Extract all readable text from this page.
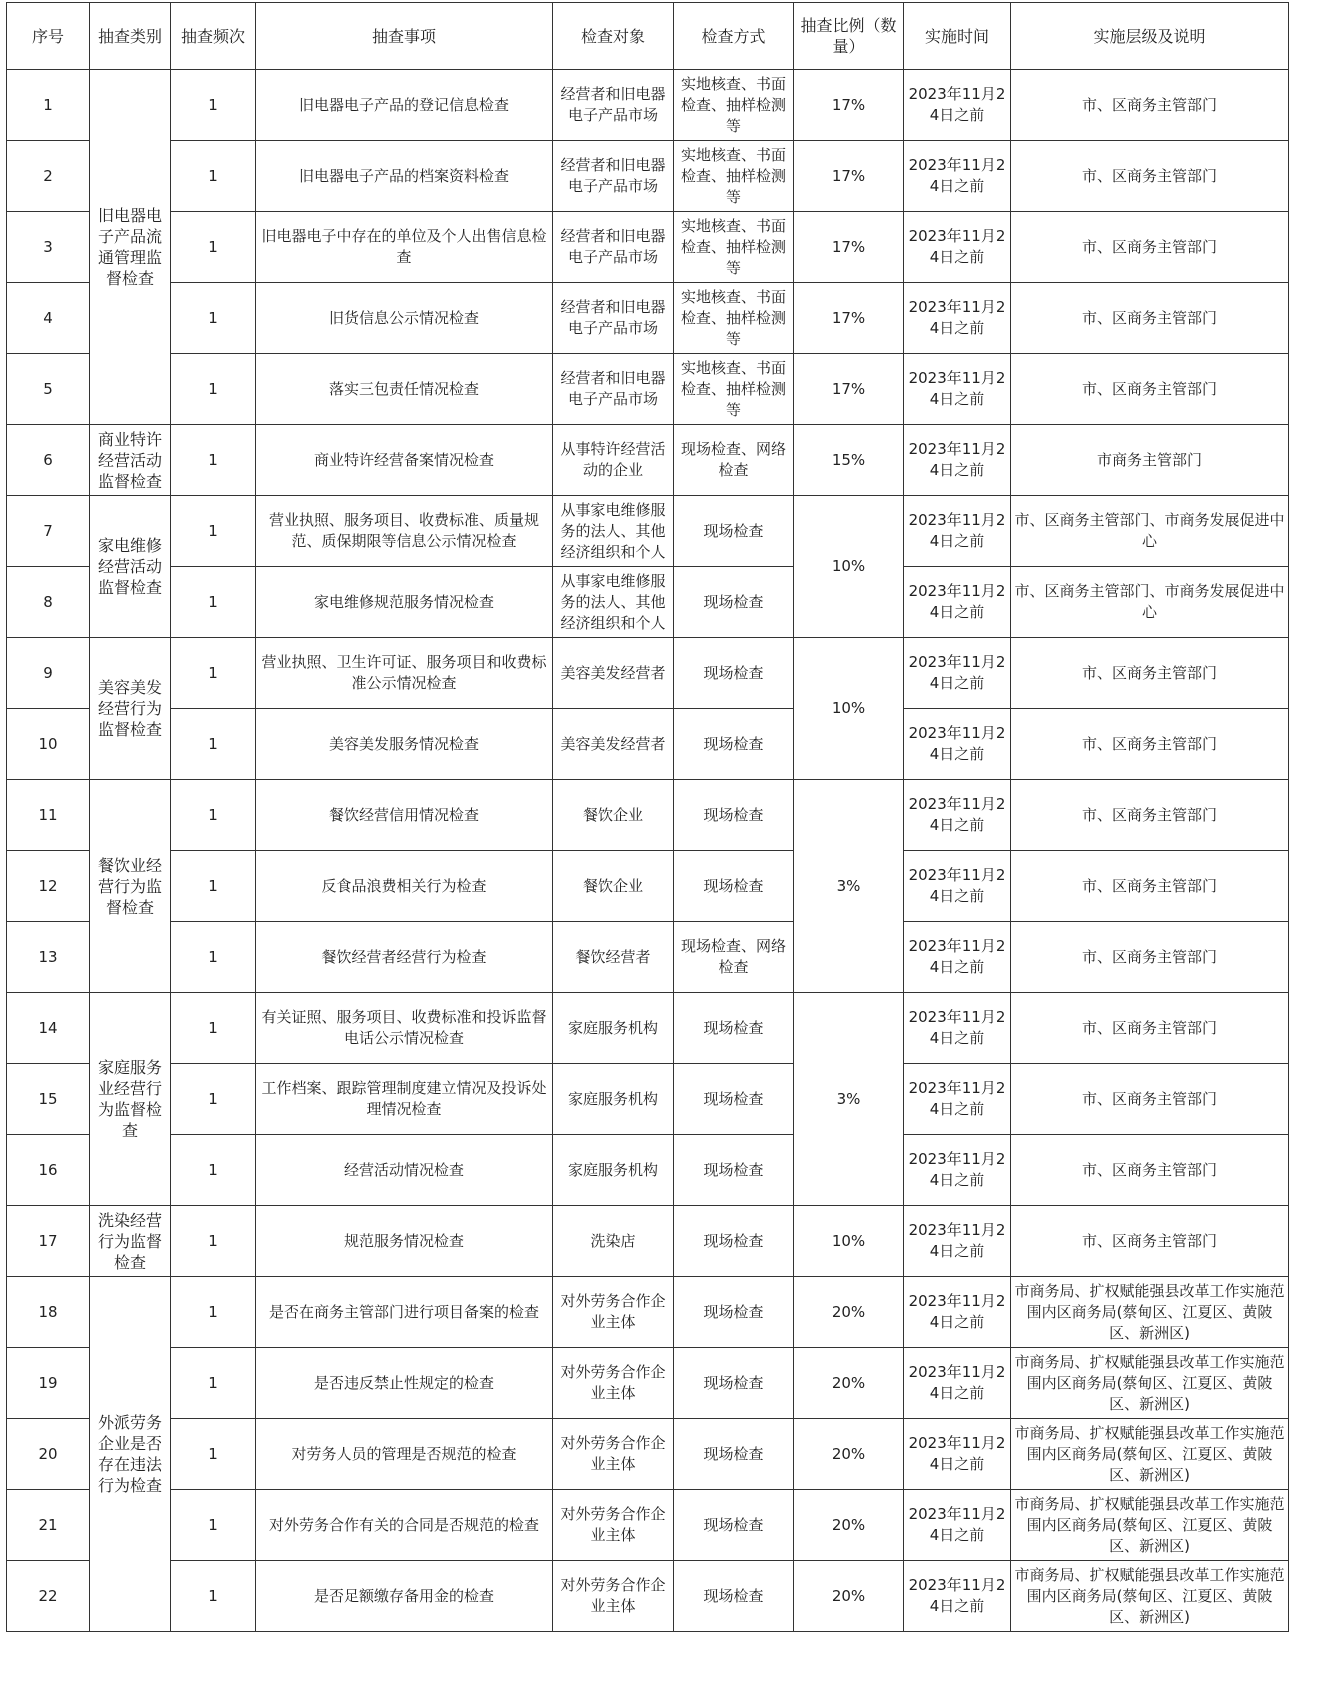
序号	抽查类别	抽查频次	抽查事项	检查对象	检查方式	抽查比例（数量）	实施时间	实施层级及说明
1	旧电器电子产品流通管理监督检查	1	旧电器电子产品的登记信息检查	经营者和旧电器电子产品市场	实地核查、书面检查、抽样检测等	17%	2023年11月24日之前	市、区商务主管部门
2		1	旧电器电子产品的档案资料检查	经营者和旧电器电子产品市场	实地核查、书面检查、抽样检测等	17%	2023年11月24日之前	市、区商务主管部门
3		1	旧电器电子中存在的单位及个人出售信息检查	经营者和旧电器电子产品市场	实地核查、书面检查、抽样检测等	17%	2023年11月24日之前	市、区商务主管部门
4		1	旧货信息公示情况检查	经营者和旧电器电子产品市场	实地核查、书面检查、抽样检测等	17%	2023年11月24日之前	市、区商务主管部门
5		1	落实三包责任情况检查	经营者和旧电器电子产品市场	实地核查、书面检查、抽样检测等	17%	2023年11月24日之前	市、区商务主管部门
6	商业特许经营活动监督检查	1	商业特许经营备案情况检查	从事特许经营活动的企业	现场检查、网络检查	15%	2023年11月24日之前	市商务主管部门
7	家电维修经营活动监督检查	1	营业执照、服务项目、收费标准、质量规范、质保期限等信息公示情况检查	从事家电维修服务的法人、其他经济组织和个人	现场检查	10%	2023年11月24日之前	市、区商务主管部门、市商务发展促进中心
8		1	家电维修规范服务情况检查	从事家电维修服务的法人、其他经济组织和个人	现场检查		2023年11月24日之前	市、区商务主管部门、市商务发展促进中心
9	美容美发经营行为监督检查	1	营业执照、卫生许可证、服务项目和收费标准公示情况检查	美容美发经营者	现场检查	10%	2023年11月24日之前	市、区商务主管部门
10		1	美容美发服务情况检查	美容美发经营者	现场检查		2023年11月24日之前	市、区商务主管部门
11	餐饮业经营行为监督检查	1	餐饮经营信用情况检查	餐饮企业	现场检查	3%	2023年11月24日之前	市、区商务主管部门
12		1	反食品浪费相关行为检查	餐饮企业	现场检查		2023年11月24日之前	市、区商务主管部门
13		1	餐饮经营者经营行为检查	餐饮经营者	现场检查、网络检查		2023年11月24日之前	市、区商务主管部门
14	家庭服务业经营行为监督检查	1	有关证照、服务项目、收费标准和投诉监督电话公示情况检查	家庭服务机构	现场检查	3%	2023年11月24日之前	市、区商务主管部门
15		1	工作档案、跟踪管理制度建立情况及投诉处理情况检查	家庭服务机构	现场检查		2023年11月24日之前	市、区商务主管部门
16		1	经营活动情况检查	家庭服务机构	现场检查		2023年11月24日之前	市、区商务主管部门
17	洗染经营行为监督检查	1	规范服务情况检查	洗染店	现场检查	10%	2023年11月24日之前	市、区商务主管部门
18	外派劳务企业是否存在违法行为检查	1	是否在商务主管部门进行项目备案的检查	对外劳务合作企业主体	现场检查	20%	2023年11月24日之前	市商务局、扩权赋能强县改革工作实施范围内区商务局(蔡甸区、江夏区、黄陂区、新洲区)
19		1	是否违反禁止性规定的检查	对外劳务合作企业主体	现场检查	20%	2023年11月24日之前	市商务局、扩权赋能强县改革工作实施范围内区商务局(蔡甸区、江夏区、黄陂区、新洲区)
20		1	对劳务人员的管理是否规范的检查	对外劳务合作企业主体	现场检查	20%	2023年11月24日之前	市商务局、扩权赋能强县改革工作实施范围内区商务局(蔡甸区、江夏区、黄陂区、新洲区)
21		1	对外劳务合作有关的合同是否规范的检查	对外劳务合作企业主体	现场检查	20%	2023年11月24日之前	市商务局、扩权赋能强县改革工作实施范围内区商务局(蔡甸区、江夏区、黄陂区、新洲区)
22		1	是否足额缴存备用金的检查	对外劳务合作企业主体	现场检查	20%	2023年11月24日之前	市商务局、扩权赋能强县改革工作实施范围内区商务局(蔡甸区、江夏区、黄陂区、新洲区)
